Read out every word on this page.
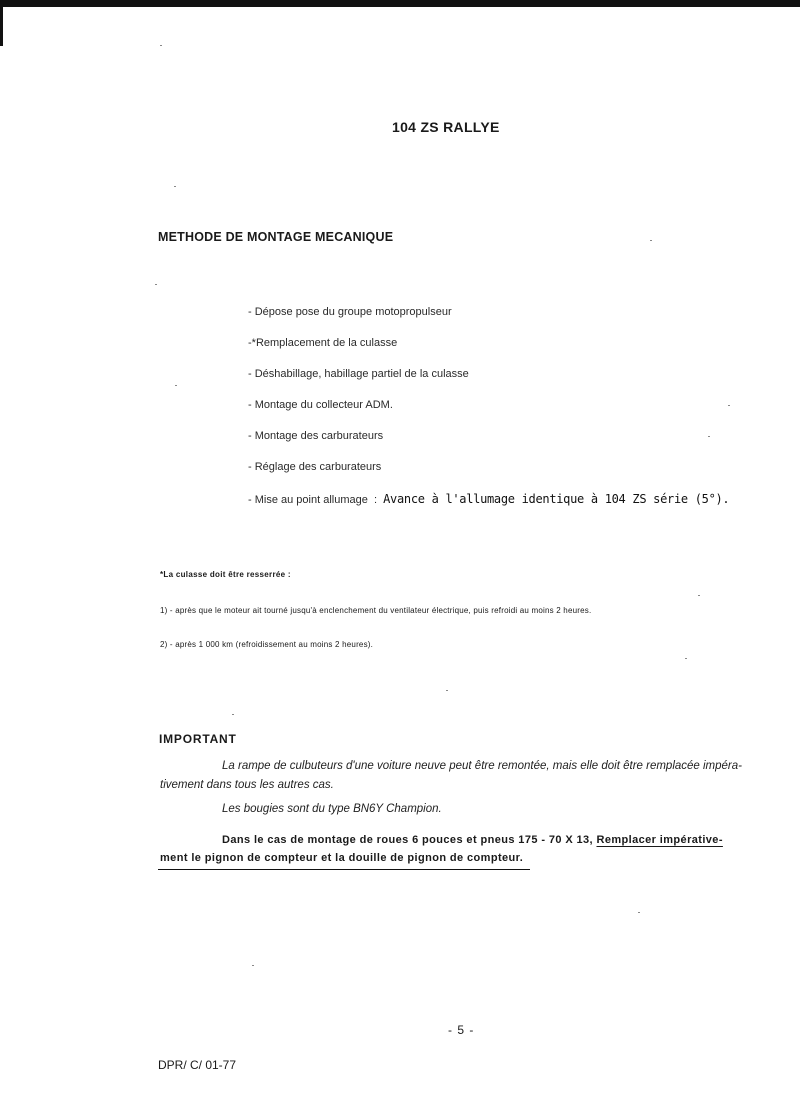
104 ZS RALLYE
METHODE DE MONTAGE MECANIQUE
- Dépose pose du groupe motopropulseur
-*Remplacement de la culasse
- Déshabillage, habillage partiel de la culasse
- Montage du collecteur ADM.
- Montage des carburateurs
- Réglage des carburateurs
- Mise au point allumage  :  Avance à l'allumage identique à 104 ZS série (5°).
*La culasse doit être resserrée :
1) - après que le moteur ait tourné jusqu'à enclenchement du ventilateur électrique, puis refroidi au moins 2 heures.
2) - après 1 000 km (refroidissement au moins 2 heures).
IMPORTANT
La rampe de culbuteurs d'une voiture neuve peut être remontée, mais elle doit être remplacée impéra-
tivement dans tous les autres cas.
Les bougies sont du type BN6Y Champion.
Dans le cas de montage de roues 6 pouces et pneus 175 - 70 X 13, Remplacer impérative-
ment le pignon de compteur et la douille de pignon de compteur.
- 5 -
DPR/ C/ 01-77
